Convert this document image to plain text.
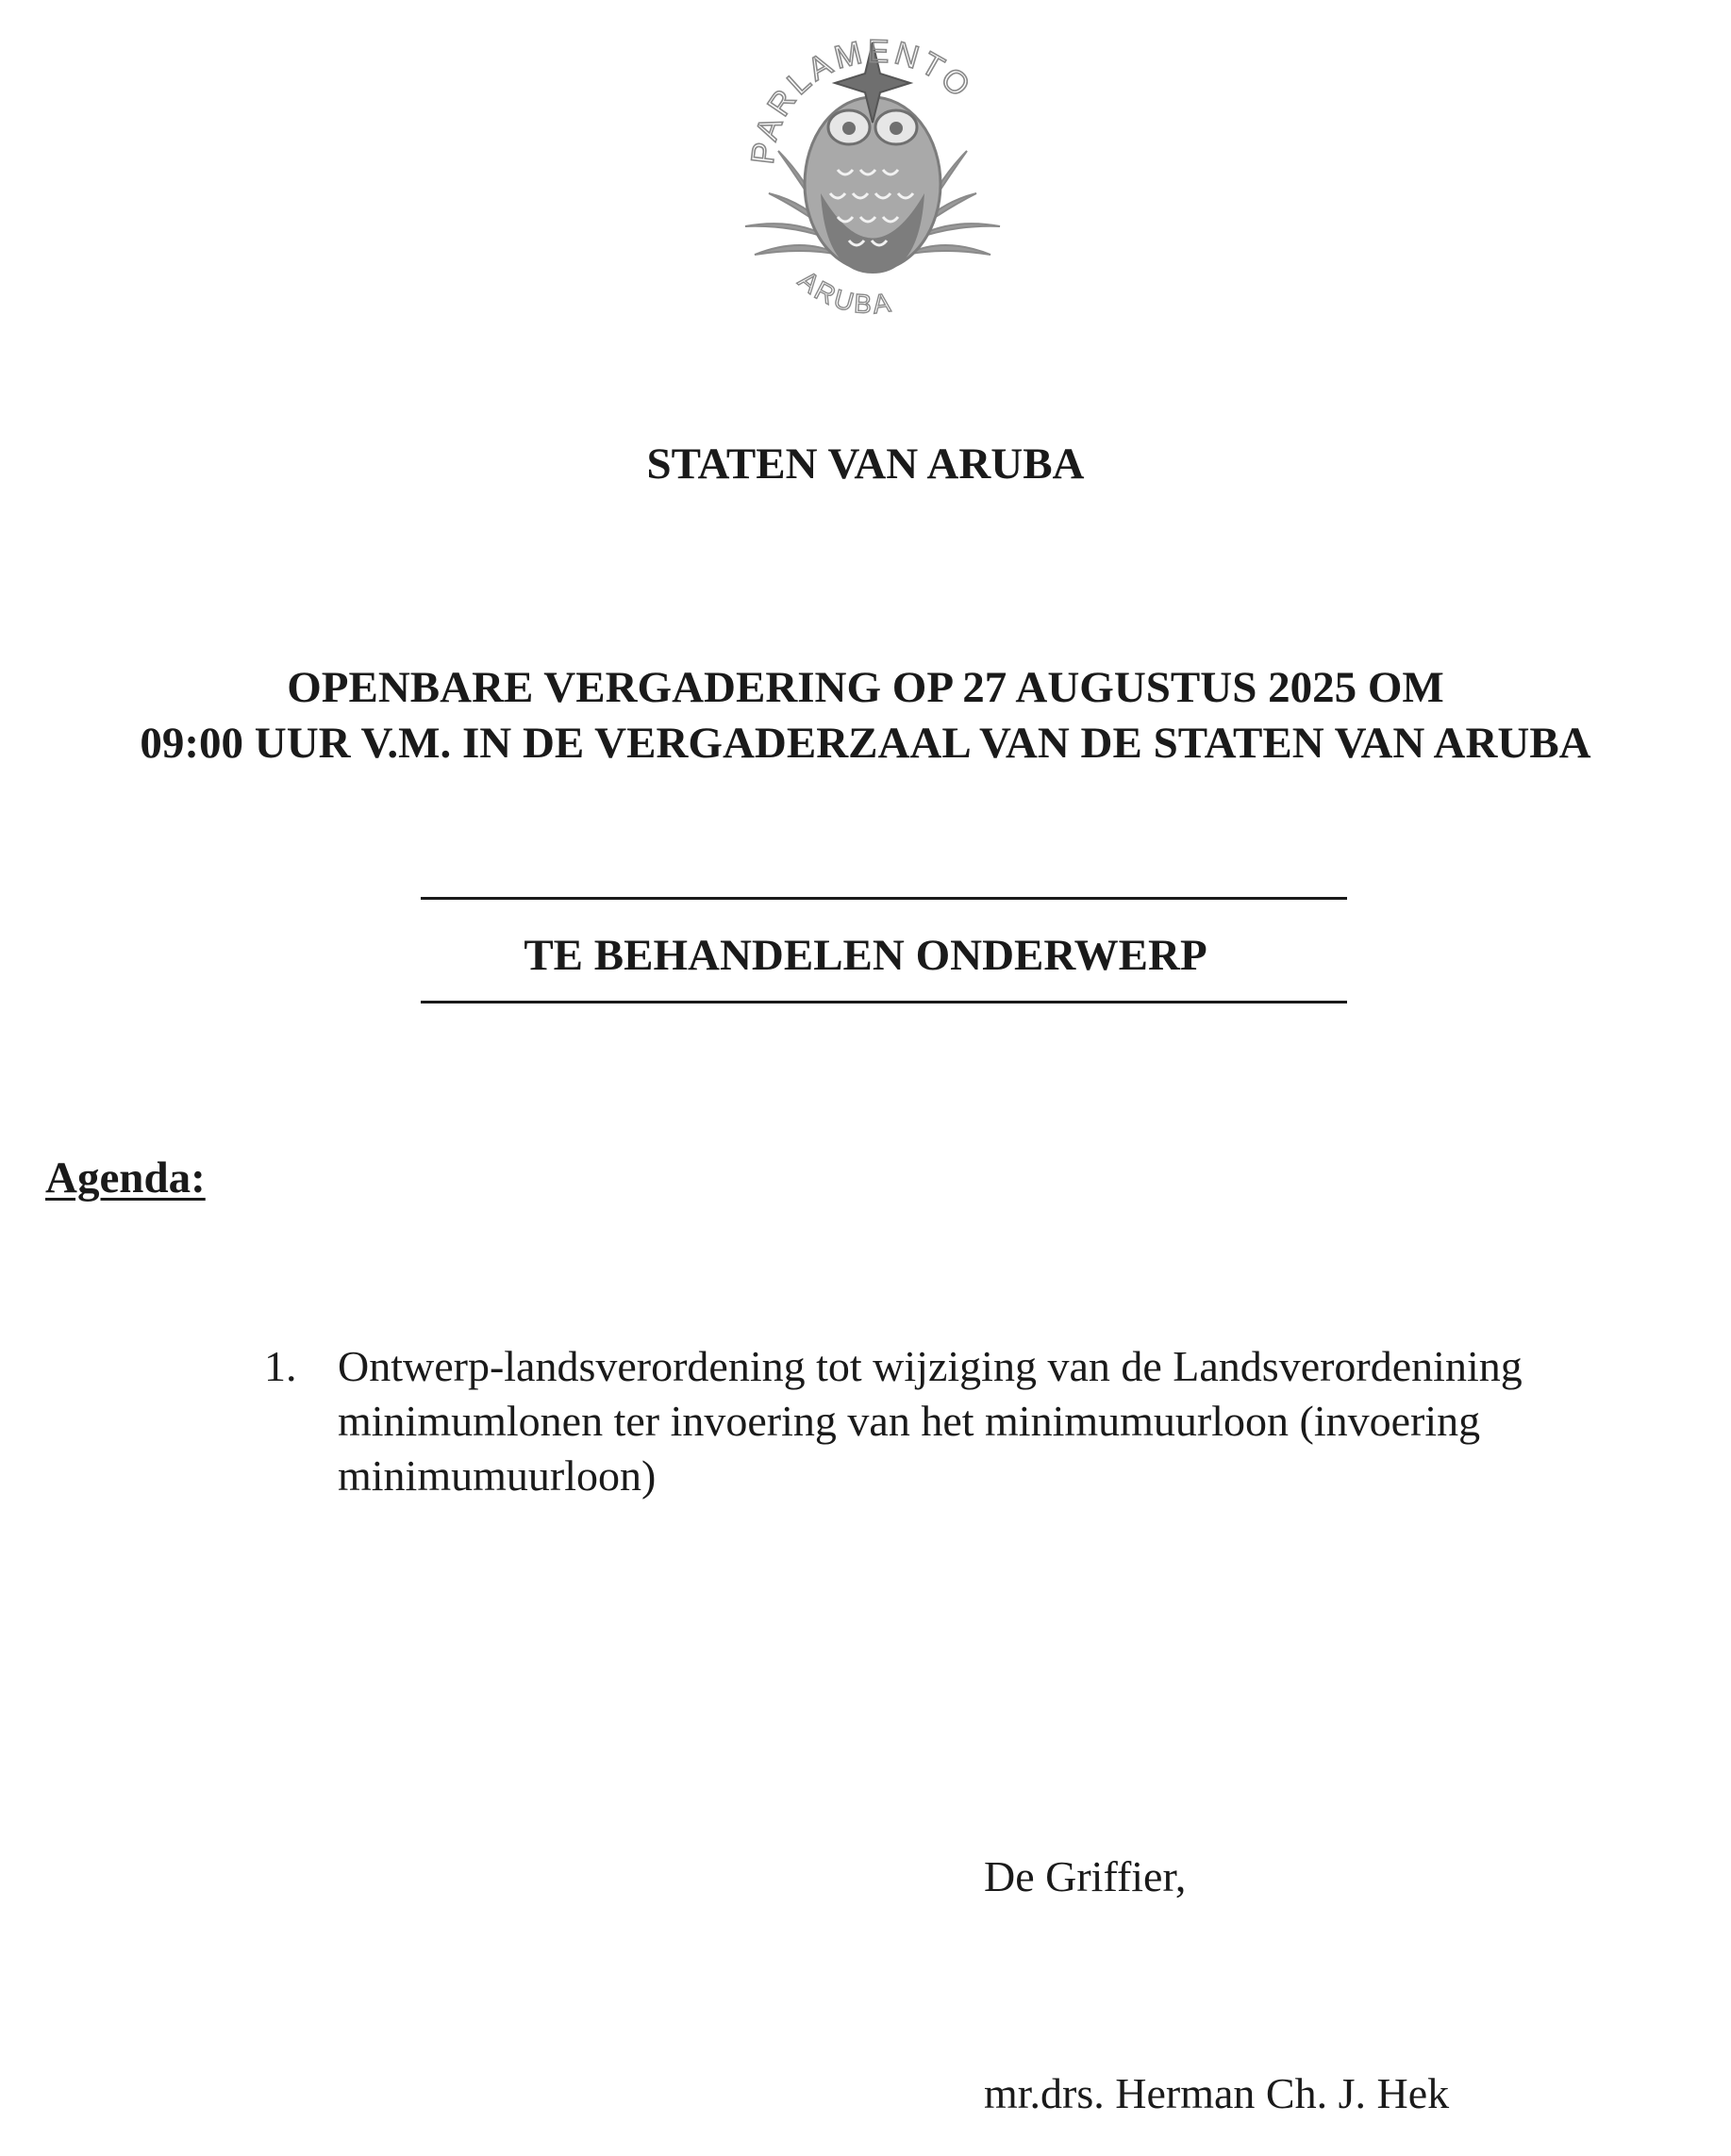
PARLAMENTO
ARUBA
STATEN VAN ARUBA
OPENBARE VERGADERING OP 27 AUGUSTUS 2025 OM
09:00 UUR V.M. IN DE VERGADERZAAL VAN DE STATEN VAN ARUBA
TE BEHANDELEN ONDERWERP
Agenda:
1. Ontwerp-landsverordening tot wijziging van de Landsverordenining minimumlonen ter invoering van het minimumuurloon (invoering minimumuurloon)
De Griffier,
mr.drs. Herman Ch. J. Hek
